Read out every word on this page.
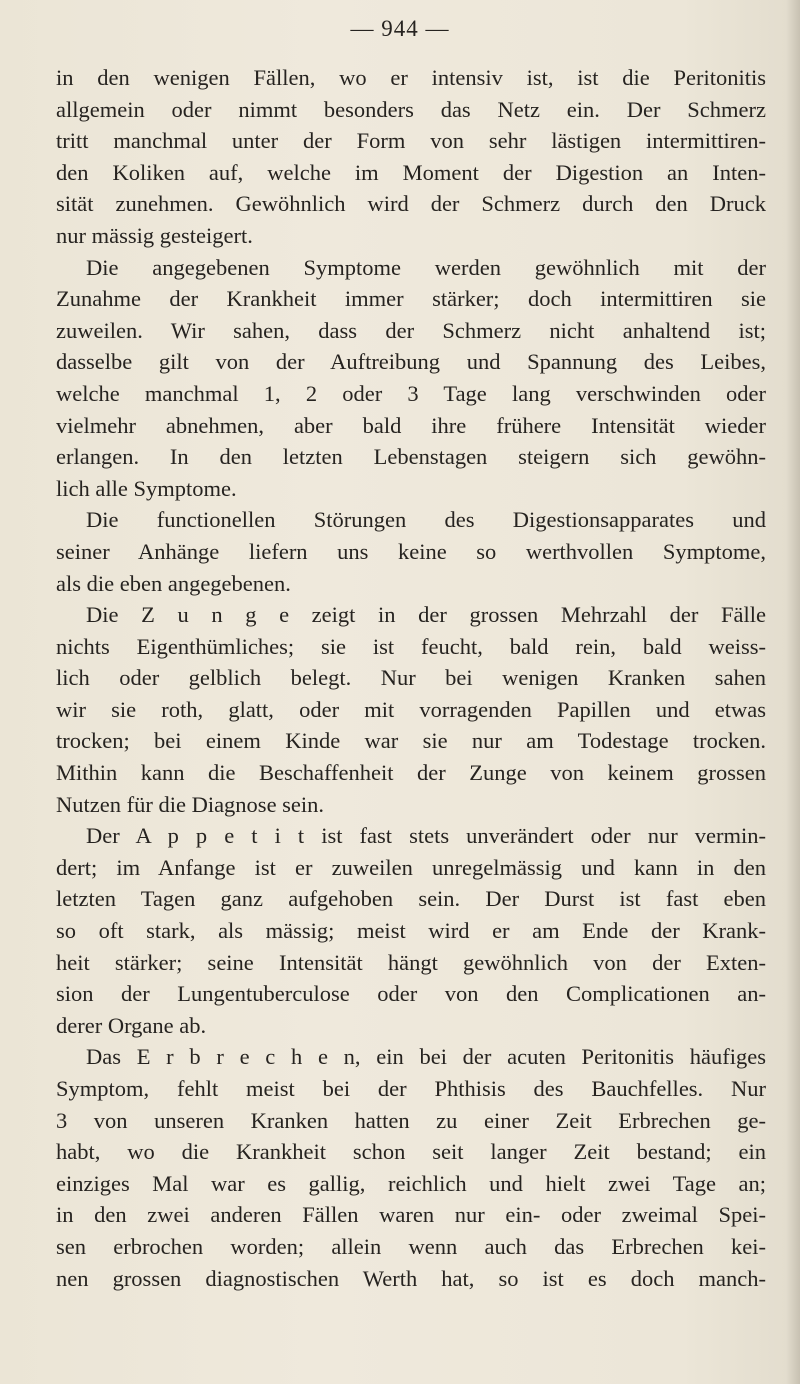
— 944 —
in den wenigen Fällen, wo er intensiv ist, ist die Peritonitis
allgemein oder nimmt besonders das Netz ein. Der Schmerz
tritt manchmal unter der Form von sehr lästigen intermittiren-
den Koliken auf, welche im Moment der Digestion an Inten-
sität zunehmen. Gewöhnlich wird der Schmerz durch den Druck
nur mässig gesteigert.
Die angegebenen Symptome werden gewöhnlich mit der
Zunahme der Krankheit immer stärker; doch intermittiren sie
zuweilen. Wir sahen, dass der Schmerz nicht anhaltend ist;
dasselbe gilt von der Auftreibung und Spannung des Leibes,
welche manchmal 1, 2 oder 3 Tage lang verschwinden oder
vielmehr abnehmen, aber bald ihre frühere Intensität wieder
erlangen. In den letzten Lebenstagen steigern sich gewöhn-
lich alle Symptome.
Die functionellen Störungen des Digestionsapparates und
seiner Anhänge liefern uns keine so werthvollen Symptome,
als die eben angegebenen.
Die Z u n g e zeigt in der grossen Mehrzahl der Fälle
nichts Eigenthümliches; sie ist feucht, bald rein, bald weiss-
lich oder gelblich belegt. Nur bei wenigen Kranken sahen
wir sie roth, glatt, oder mit vorragenden Papillen und etwas
trocken; bei einem Kinde war sie nur am Todestage trocken.
Mithin kann die Beschaffenheit der Zunge von keinem grossen
Nutzen für die Diagnose sein.
Der A p p e t i t ist fast stets unverändert oder nur vermin-
dert; im Anfange ist er zuweilen unregelmässig und kann in den
letzten Tagen ganz aufgehoben sein. Der Durst ist fast eben
so oft stark, als mässig; meist wird er am Ende der Krank-
heit stärker; seine Intensität hängt gewöhnlich von der Exten-
sion der Lungentuberculose oder von den Complicationen an-
derer Organe ab.
Das E r b r e c h e n, ein bei der acuten Peritonitis häufiges
Symptom, fehlt meist bei der Phthisis des Bauchfelles. Nur
3 von unseren Kranken hatten zu einer Zeit Erbrechen ge-
habt, wo die Krankheit schon seit langer Zeit bestand; ein
einziges Mal war es gallig, reichlich und hielt zwei Tage an;
in den zwei anderen Fällen waren nur ein- oder zweimal Spei-
sen erbrochen worden; allein wenn auch das Erbrechen kei-
nen grossen diagnostischen Werth hat, so ist es doch manch-
